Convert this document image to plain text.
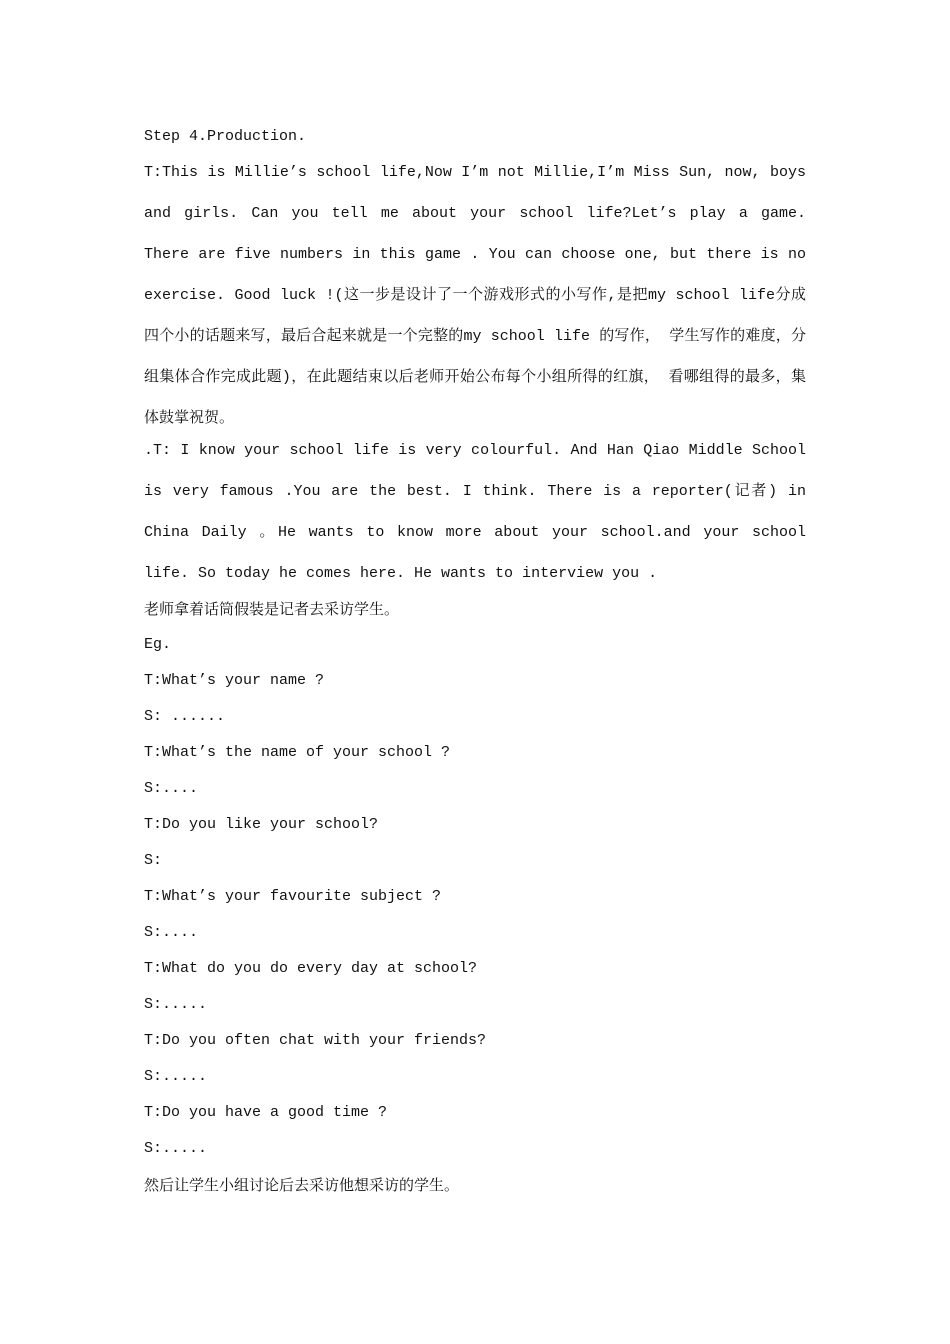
Step 4.Production.
T:This is Millie’s school life,Now I’m not Millie,I’m Miss Sun, now, boys and girls. Can you tell me about your school life?Let’s play a game. There are five numbers in this game . You can choose one, but there is no exercise. Good luck !(这一步是设计了一个游戏形式的小写作,是把my school life分成四个小的话题来写，最后合起来就是一个完整的my school life 的写作， 学生写作的难度，分组集体合作完成此题)，在此题结束以后老师开始公布每个小组所得的红旗， 看哪组得的最多，集体鼓掌祝贺。
.T: I know your school life is very colourful. And Han Qiao Middle School is very famous .You are the best. I think. There is a reporter(记者) in China Daily 。He wants to know more about your school.and your school life. So today he comes here. He wants to interview you .
老师拿着话筒假装是记者去采访学生。
Eg.
T:What’s your name ?
S: ......
T:What’s the name of your school ?
S:....
T:Do you like your school?
S:
T:What’s your favourite subject ?
S:....
T:What do you do every day at school?
S:.....
T:Do you often chat with your friends?
S:.....
T:Do you have a good time ?
S:.....
然后让学生小组讨论后去采访他想采访的学生。
